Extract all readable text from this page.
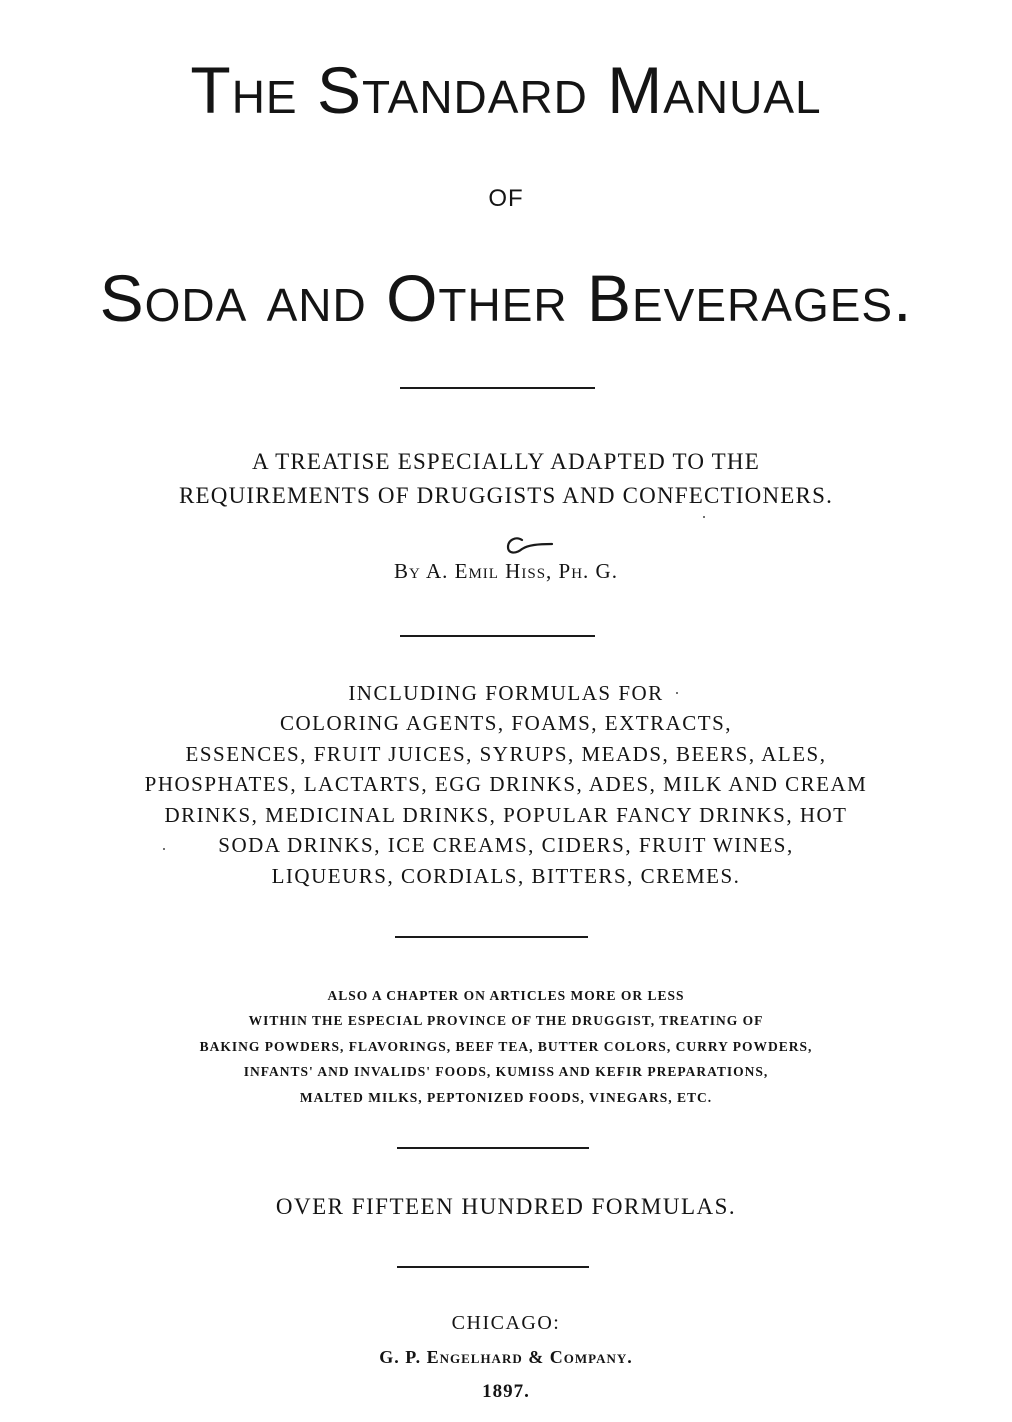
The Standard Manual
OF
Soda and Other Beverages.
A TREATISE ESPECIALLY ADAPTED TO THE
REQUIREMENTS OF DRUGGISTS AND CONFECTIONERS.
By A. Emil Hiss, Ph. G.
INCLUDING FORMULAS FOR
COLORING AGENTS, FOAMS, EXTRACTS,
ESSENCES, FRUIT JUICES, SYRUPS, MEADS, BEERS, ALES,
PHOSPHATES, LACTARTS, EGG DRINKS, ADES, MILK AND CREAM
DRINKS, MEDICINAL DRINKS, POPULAR FANCY DRINKS, HOT
SODA DRINKS, ICE CREAMS, CIDERS, FRUIT WINES,
LIQUEURS, CORDIALS, BITTERS, CREMES.
ALSO A CHAPTER ON ARTICLES MORE OR LESS
WITHIN THE ESPECIAL PROVINCE OF THE DRUGGIST, TREATING OF
BAKING POWDERS, FLAVORINGS, BEEF TEA, BUTTER COLORS, CURRY POWDERS,
INFANTS' AND INVALIDS' FOODS, KUMISS AND KEFIR PREPARATIONS,
MALTED MILKS, PEPTONIZED FOODS, VINEGARS, ETC.
OVER FIFTEEN HUNDRED FORMULAS.
CHICAGO:
G. P. Engelhard & Company.
1897.
